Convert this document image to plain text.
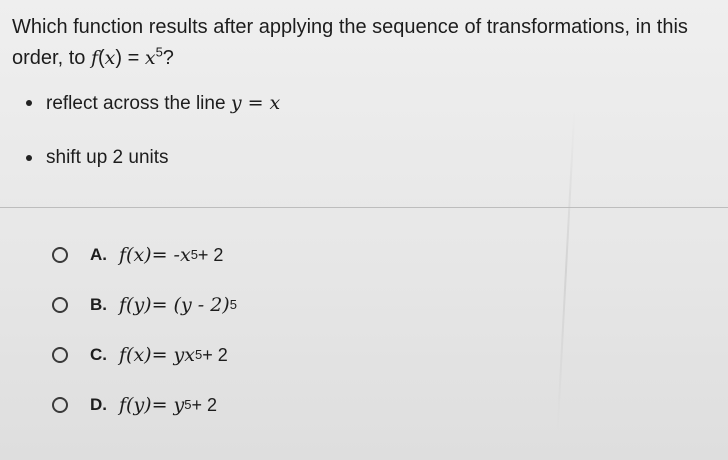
Which function results after applying the sequence of transformations, in this
order, to $f(x) = x^5$?
reflect across the line y = x
shift up 2 units
A. f(x) = -x 5 + 2
B. f(y) = (y - 2) 5
C. f(x) = yx 5 + 2
D. f(y) = y 5 + 2
